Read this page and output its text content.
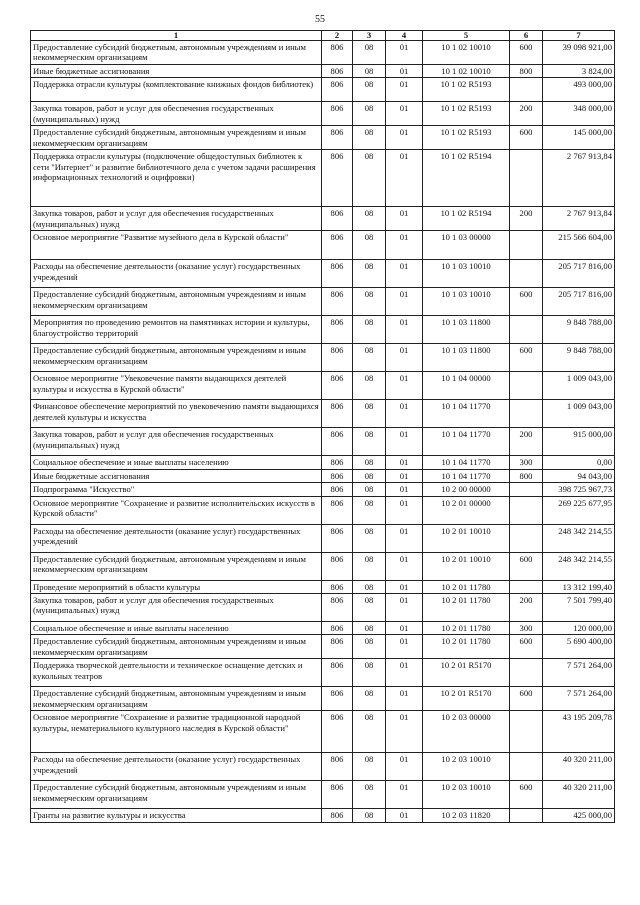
55
1	2	3	4	5	6	7
Предоставление субсидий бюджетным, автономным учреждениям и иным некоммерческим организациям	806	08	01	10 1 02 10010	600	39 098 921,00
Иные бюджетные ассигнования	806	08	01	10 1 02 10010	800	3 824,00
Поддержка отрасли культуры (комплектование книжных фондов библиотек)	806	08	01	10 1 02 R5193		493 000,00
Закупка товаров, работ и услуг для обеспечения государственных (муниципальных) нужд	806	08	01	10 1 02 R5193	200	348 000,00
Предоставление субсидий бюджетным, автономным учреждениям и иным некоммерческим организациям	806	08	01	10 1 02 R5193	600	145 000,00
Поддержка отрасли культуры (подключение общедоступных библиотек к сети "Интернет" и развитие библиотечного дела с учетом задачи расширения информационных технологий и оцифровки)	806	08	01	10 1 02 R5194		2 767 913,84
Закупка товаров, работ и услуг для обеспечения государственных (муниципальных) нужд	806	08	01	10 1 02 R5194	200	2 767 913,84
Основное мероприятие "Развитие музейного дела в Курской области"	806	08	01	10 1 03 00000		215 566 604,00
Расходы на обеспечение деятельности (оказание услуг) государственных учреждений	806	08	01	10 1 03 10010		205 717 816,00
Предоставление субсидий бюджетным, автономным учреждениям и иным некоммерческим организациям	806	08	01	10 1 03 10010	600	205 717 816,00
Мероприятия по проведению ремонтов на памятниках истории и культуры, благоустройство территорий	806	08	01	10 1 03 11800		9 848 788,00
Предоставление субсидий бюджетным, автономным учреждениям и иным некоммерческим организациям	806	08	01	10 1 03 11800	600	9 848 788,00
Основное мероприятие "Увековечение памяти выдающихся деятелей культуры и искусства в Курской области"	806	08	01	10 1 04 00000		1 009 043,00
Финансовое обеспечение мероприятий по увековечению памяти выдающихся деятелей культуры и искусства	806	08	01	10 1 04 11770		1 009 043,00
Закупка товаров, работ и услуг для обеспечения государственных (муниципальных) нужд	806	08	01	10 1 04 11770	200	915 000,00
Социальное обеспечение и иные выплаты населению	806	08	01	10 1 04 11770	300	0,00
Иные бюджетные ассигнования	806	08	01	10 1 04 11770	800	94 043,00
Подпрограмма "Искусство"	806	08	01	10 2 00 00000		398 725 967,73
Основное мероприятие "Сохранение и развитие исполнительских искусств в Курской области"	806	08	01	10 2 01 00000		269 225 677,95
Расходы на обеспечение деятельности (оказание услуг) государственных учреждений	806	08	01	10 2 01 10010		248 342 214,55
Предоставление субсидий бюджетным, автономным учреждениям и иным некоммерческим организациям	806	08	01	10 2 01 10010	600	248 342 214,55
Проведение мероприятий в области культуры	806	08	01	10 2 01 11780		13 312 199,40
Закупка товаров, работ и услуг для обеспечения государственных (муниципальных) нужд	806	08	01	10 2 01 11780	200	7 501 799,40
Социальное обеспечение и иные выплаты населению	806	08	01	10 2 01 11780	300	120 000,00
Предоставление субсидий бюджетным, автономным учреждениям и иным некоммерческим организациям	806	08	01	10 2 01 11780	600	5 690 400,00
Поддержка творческой деятельности и техническое оснащение детских и кукольных театров	806	08	01	10 2 01 R5170		7 571 264,00
Предоставление субсидий бюджетным, автономным учреждениям и иным некоммерческим организациям	806	08	01	10 2 01 R5170	600	7 571 264,00
Основное мероприятие "Сохранение и развитие традиционной народной культуры, нематериального культурного наследия в Курской области"	806	08	01	10 2 03 00000		43 195 209,78
Расходы на обеспечение деятельности (оказание услуг) государственных учреждений	806	08	01	10 2 03 10010		40 320 211,00
Предоставление субсидий бюджетным, автономным учреждениям и иным некоммерческим организациям	806	08	01	10 2 03 10010	600	40 320 211,00
Гранты на развитие культуры и искусства	806	08	01	10 2 03 11820		425 000,00
